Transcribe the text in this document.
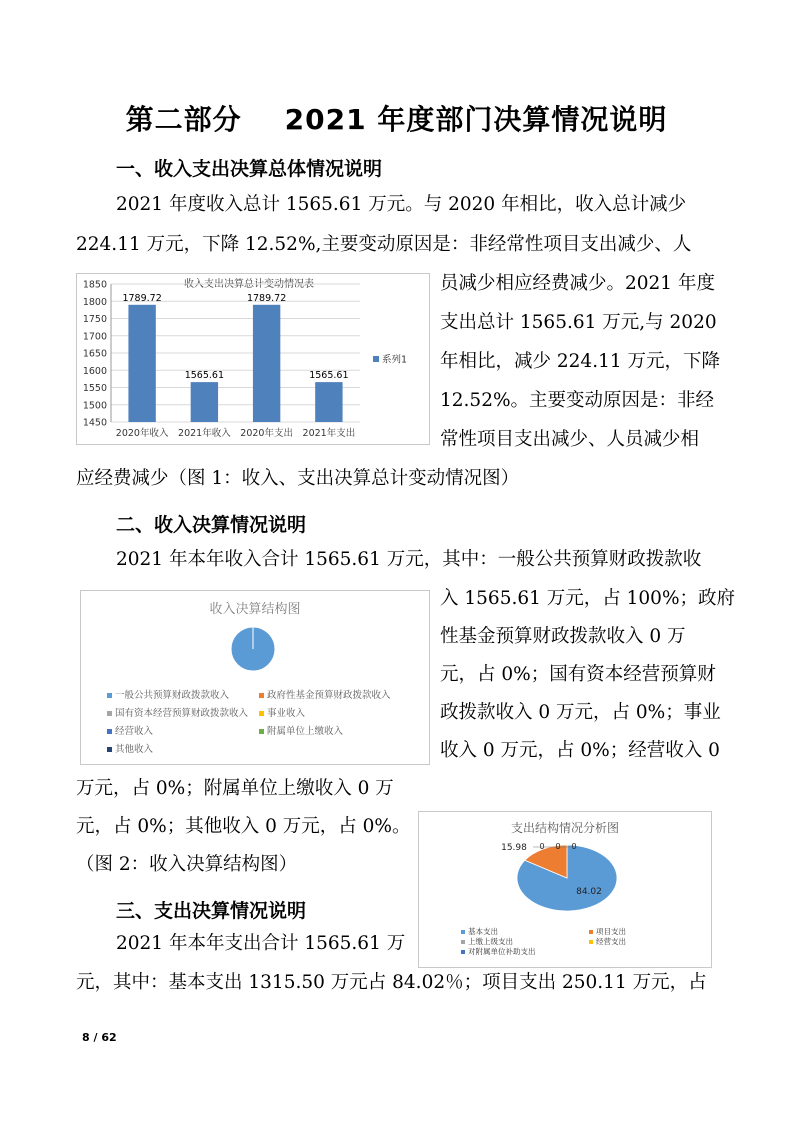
第二部分    2021 年度部门决算情况说明
一、收入支出决算总体情况说明
2021 年度收入总计 1565.61 万元。与 2020 年相比，收入总计减少
224.11 万元，下降 12.52%,主要变动原因是：非经常性项目支出减少、人
员减少相应经费减少。2021 年度
支出总计 1565.61 万元,与 2020
年相比，减少 224.11 万元，下降
12.52%。主要变动原因是：非经
常性项目支出减少、人员减少相
应经费减少（图 1：收入、支出决算总计变动情况图）
收入支出决算总计变动情况表
1850
1800
1750
1700
1650
1600
1550
1500
1450
1789.72
2020年收入
1565.61
2021年收入
1789.72
2020年支出
1565.61
2021年支出
系列1
二、收入决算情况说明
2021 年本年收入合计 1565.61 万元，其中：一般公共预算财政拨款收
入 1565.61 万元，占 100%；政府
性基金预算财政拨款收入 0 万
元，占 0%；国有资本经营预算财
政拨款收入 0 万元，占 0%；事业
收入 0 万元，占 0%；经营收入 0
万元，占 0%；附属单位上缴收入 0 万
元，占 0%；其他收入 0 万元，占 0%。
（图 2：收入决算结构图）
收入决算结构图
一般公共预算财政拨款收入	政府性基金预算财政拨款收入
国有资本经营预算财政拨款收入 事业收入
经营收入	附属单位上缴收入
其他收入
三、支出决算情况说明
2021 年本年支出合计 1565.61 万
元，其中：基本支出 1315.50 万元占 84.02％；项目支出 250.11 万元，占
支出结构情况分析图
84.02
15.98 0 0 0
基本支出	项目支出
上缴上级支出	经营支出
对附属单位补助支出
8 / 62
